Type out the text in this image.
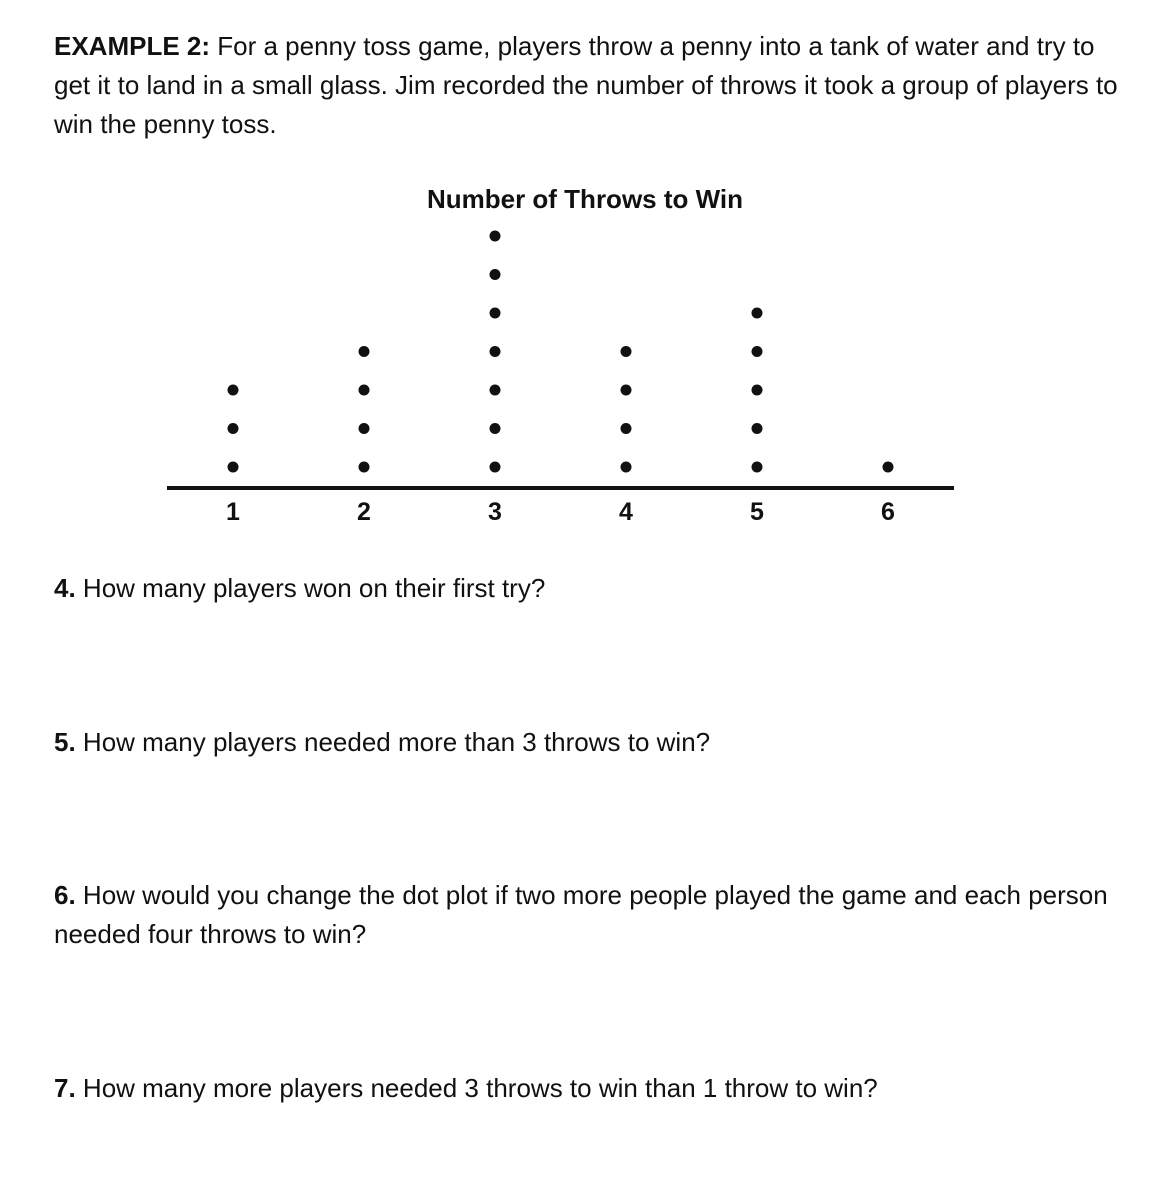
EXAMPLE 2: For a penny toss game, players throw a penny into a tank of water and try to get it to land in a small glass. Jim recorded the number of throws it took a group of players to win the penny toss.

Number of Throws to Win
1	2	3	4	5	6

4. How many players won on their first try?

5. How many players needed more than 3 throws to win?

6. How would you change the dot plot if two more people played the game and each person needed four throws to win?

7. How many more players needed 3 throws to win than 1 throw to win?
